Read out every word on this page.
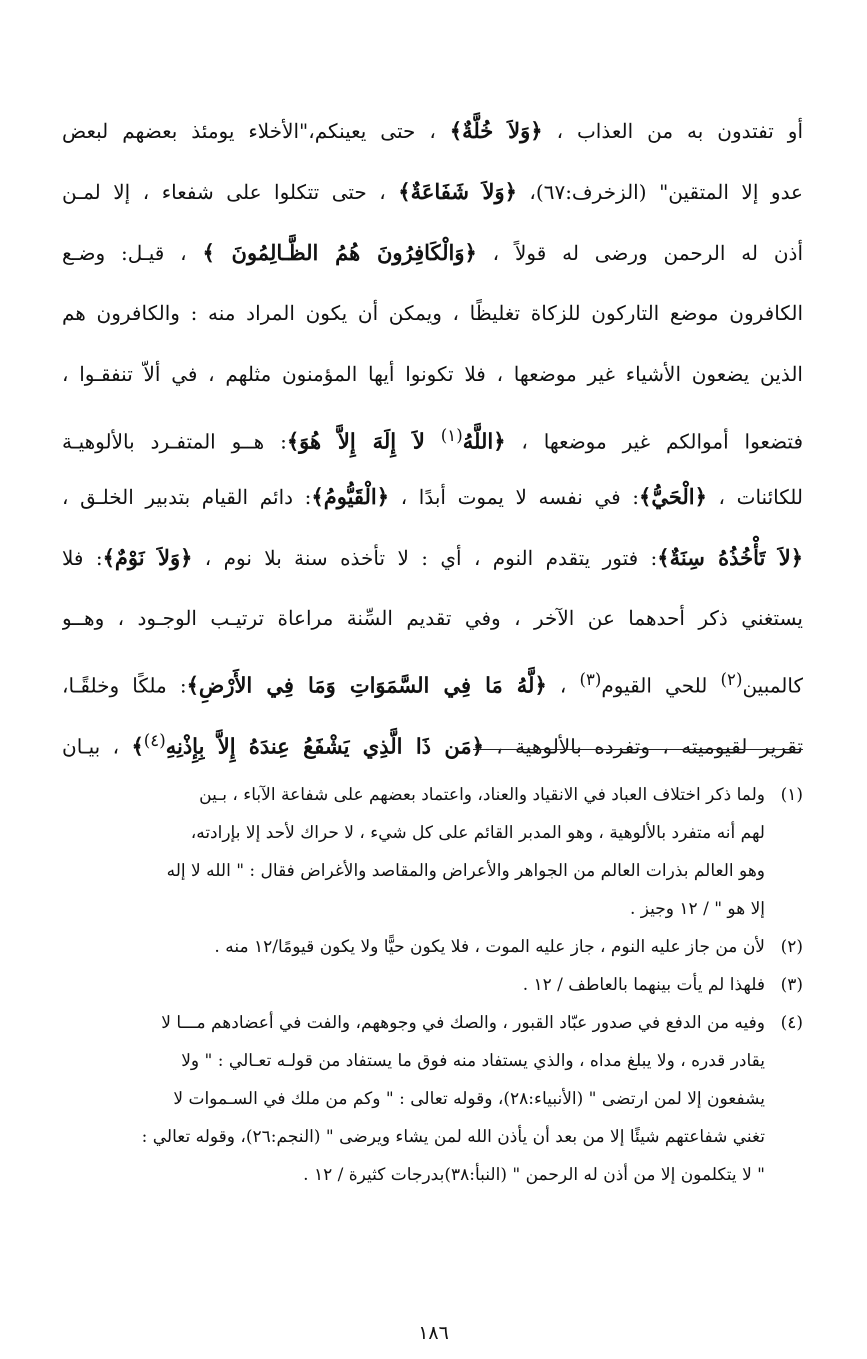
أو تفتدون به من العذاب ، ﴿وَلاَ خُلَّةٌ﴾ ، حتى يعينكم،"الأخلاء يومئذ بعضهم لبعض
عدو إلا المتقين" (الزخرف:٦٧)، ﴿وَلاَ شَفَاعَةٌ﴾ ، حتى تتكلوا على شفعاء ، إلا لمـن
أذن له الرحمن ورضى له قولاً ، ﴿وَالْكَافِرُونَ هُمُ الظَّـالِمُونَ ﴾ ، قيـل: وضـع
الكافرون موضع التاركون للزكاة تغليظًا ، ويمكن أن يكون المراد منه : والكافرون هم
الذين يضعون الأشياء غير موضعها ، فلا تكونوا أيها المؤمنون مثلهم ، في ألاّ تنفقـوا ،
فتضعوا أموالكم غير موضعها ، ﴿اللَّهُ$^{(١)}$ لاَ إِلَهَ إِلاَّ هُوَ﴾: هــو المتفـرد بالألوهيـة
للكائنات ، ﴿الْحَيُّ﴾: في نفسه لا يموت أبدًا ، ﴿الْقَيُّومُ﴾: دائم القيام بتدبير الخلـق ،
﴿لاَ تَأْخُذُهُ سِنَةٌ﴾: فتور يتقدم النوم ، أي : لا تأخذه سنة بلا نوم ، ﴿وَلاَ نَوْمٌ﴾: فلا
يستغني ذكر أحدهما عن الآخر ، وفي تقديم السِّنة مراعاة ترتيـب الوجـود ، وهــو
كالمبين$^{(٢)}$ للحي القيوم$^{(٣)}$ ، ﴿لَّهُ مَا فِي السَّمَوَاتِ وَمَا فِي الأَرْضِ﴾: ملكًا وخلقًـا،
تقرير لقيوميته ، وتفرده بالألوهية ، ﴿مَن ذَا الَّذِي يَشْفَعُ عِندَهُ إِلاَّ بِإِذْنِهِ$^{(٤)}$﴾ ، بيـان
(١)ولما ذكر اختلاف العباد في الانقياد والعناد، واعتماد بعضهم على شفاعة الآباء ، بـين
لهم أنه متفرد بالألوهية ، وهو المدبر القائم على كل شيء ، لا حراك لأحد إلا بإرادته،
وهو العالم بذرات العالم من الجواهر والأعراض والمقاصد والأغراض فقال : " الله لا إله
إلا هو " / ١٢ وجيز .
(٢)لأن من جاز عليه النوم ، جاز عليه الموت ، فلا يكون حيًّا ولا يكون قيومًا/١٢ منه .
(٣)فلهذا لم يأت بينهما بالعاطف / ١٢ .
(٤)وفيه من الدفع في صدور عبّاد القبور ، والصك في وجوههم، والفت في أعضادهم مـــا لا
يقادر قدره ، ولا يبلغ مداه ، والذي يستفاد منه فوق ما يستفاد من قولـه تعـالي : " ولا
يشفعون إلا لمن ارتضى " (الأنبياء:٢٨)، وقوله تعالى : " وكم من ملك في السـموات لا
تغني شفاعتهم شيئًا إلا من بعد أن يأذن الله لمن يشاء ويرضى " (النجم:٢٦)، وقوله تعالي :
" لا يتكلمون إلا من أذن له الرحمن " (النبأ:٣٨)بدرجات كثيرة / ١٢ .
١٨٦
